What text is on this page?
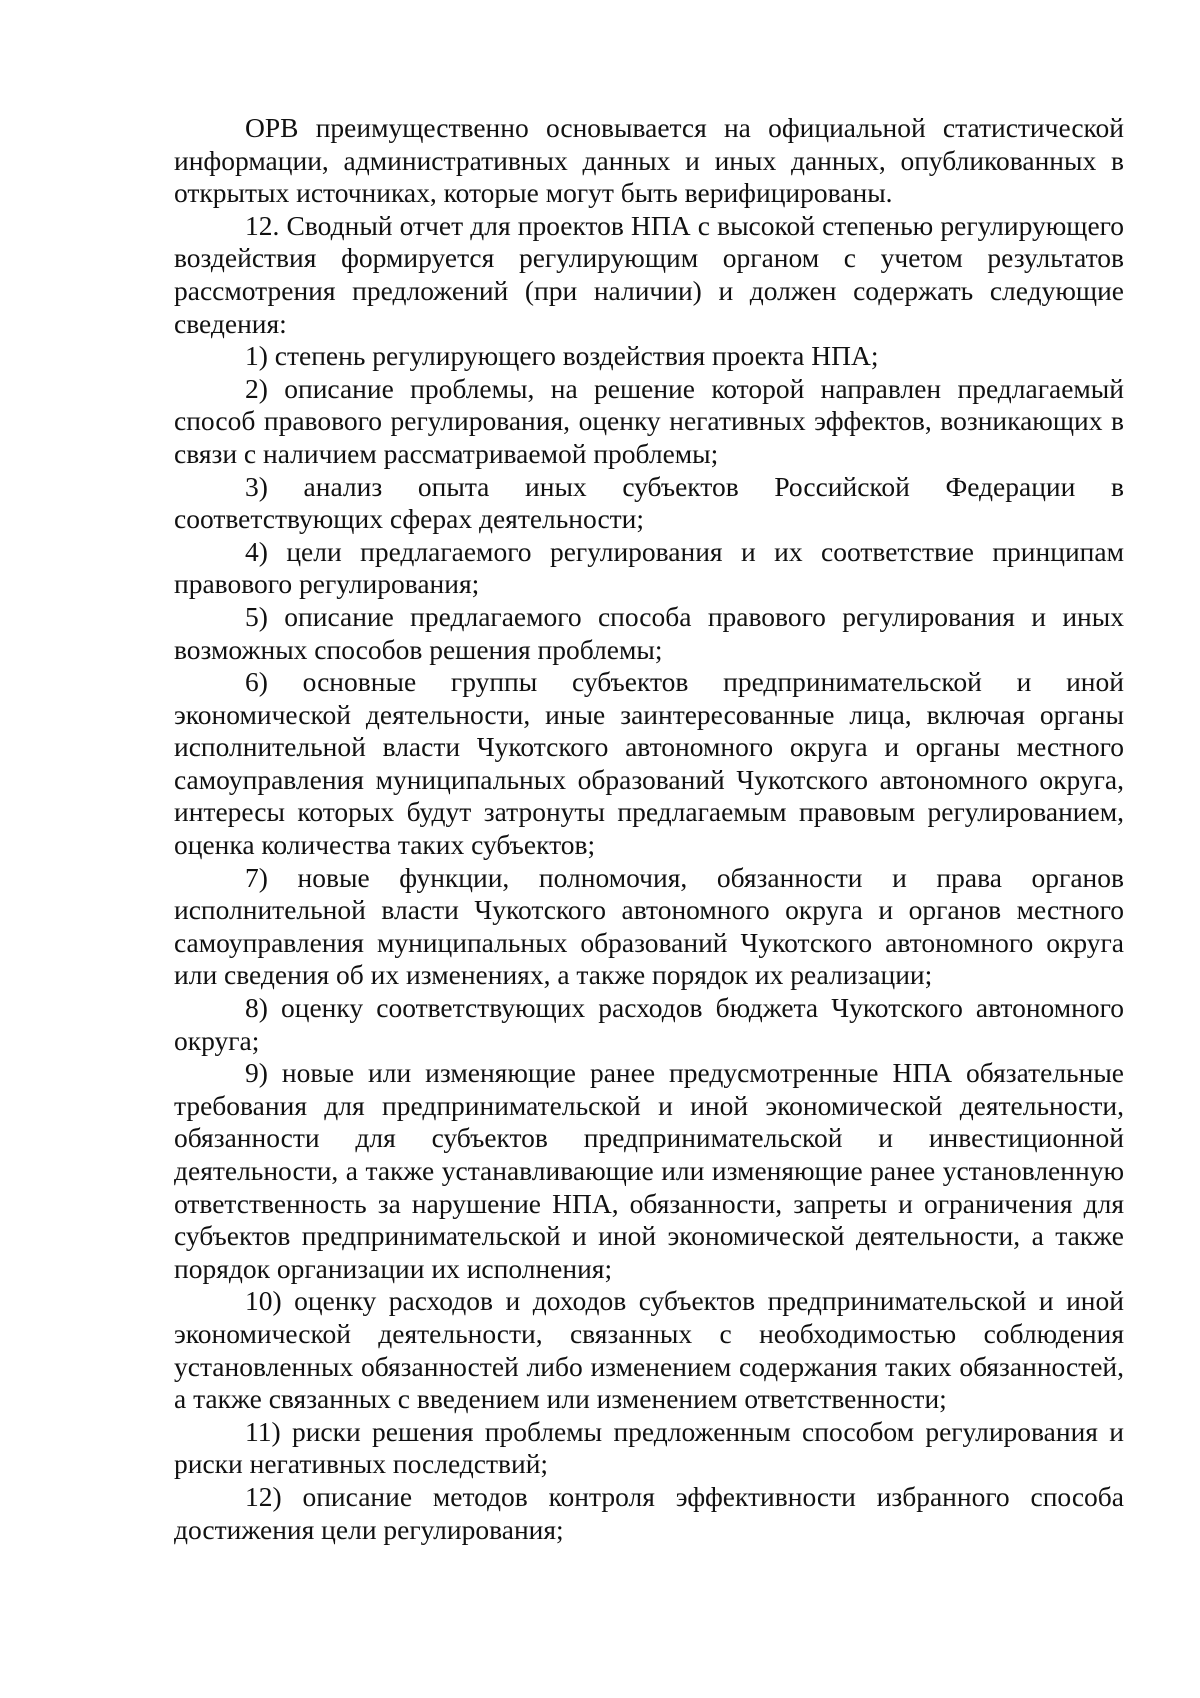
ОРВ преимущественно основывается на официальной статистической информации, административных данных и иных данных, опубликованных в открытых источниках, которые могут быть верифицированы.

12. Сводный отчет для проектов НПА с высокой степенью регулирующего воздействия формируется регулирующим органом с учетом результатов рассмотрения предложений (при наличии) и должен содержать следующие сведения:

1) степень регулирующего воздействия проекта НПА;

2) описание проблемы, на решение которой направлен предлагаемый способ правового регулирования, оценку негативных эффектов, возникающих в связи с наличием рассматриваемой проблемы;

3) анализ опыта иных субъектов Российской Федерации в соответствующих сферах деятельности;

4) цели предлагаемого регулирования и их соответствие принципам правового регулирования;

5) описание предлагаемого способа правового регулирования и иных возможных способов решения проблемы;

6) основные группы субъектов предпринимательской и иной экономической деятельности, иные заинтересованные лица, включая органы исполнительной власти Чукотского автономного округа и органы местного самоуправления муниципальных образований Чукотского автономного округа, интересы которых будут затронуты предлагаемым правовым регулированием, оценка количества таких субъектов;

7) новые функции, полномочия, обязанности и права органов исполнительной власти Чукотского автономного округа и органов местного самоуправления муниципальных образований Чукотского автономного округа или сведения об их изменениях, а также порядок их реализации;

8) оценку соответствующих расходов бюджета Чукотского автономного округа;

9) новые или изменяющие ранее предусмотренные НПА обязательные требования для предпринимательской и иной экономической деятельности, обязанности для субъектов предпринимательской и инвестиционной деятельности, а также устанавливающие или изменяющие ранее установленную ответственность за нарушение НПА, обязанности, запреты и ограничения для субъектов предпринимательской и иной экономической деятельности, а также порядок организации их исполнения;

10) оценку расходов и доходов субъектов предпринимательской и иной экономической деятельности, связанных с необходимостью соблюдения установленных обязанностей либо изменением содержания таких обязанностей, а также связанных с введением или изменением ответственности;

11) риски решения проблемы предложенным способом регулирования и риски негативных последствий;

12) описание методов контроля эффективности избранного способа достижения цели регулирования;
